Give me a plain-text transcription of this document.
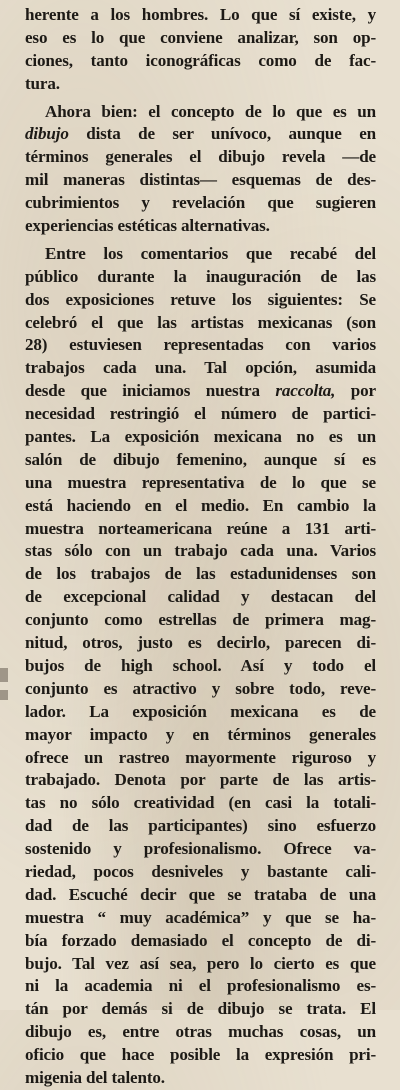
herente a los hombres. Lo que sí existe, y
eso es lo que conviene analizar, son op-
ciones, tanto iconográficas como de fac-
tura.
Ahora bien: el concepto de lo que es un
dibujo dista de ser unívoco, aunque en
términos generales el dibujo revela —de
mil maneras distintas— esquemas de des-
cubrimientos y revelación que sugieren
experiencias estéticas alternativas.
Entre los comentarios que recabé del
público durante la inauguración de las
dos exposiciones retuve los siguientes: Se
celebró el que las artistas mexicanas (son
28) estuviesen representadas con varios
trabajos cada una. Tal opción, asumida
desde que iniciamos nuestra raccolta, por
necesidad restringió el número de partici-
pantes. La exposición mexicana no es un
salón de dibujo femenino, aunque sí es
una muestra representativa de lo que se
está haciendo en el medio. En cambio la
muestra norteamericana reúne a 131 arti-
stas sólo con un trabajo cada una. Varios
de los trabajos de las estadunidenses son
de excepcional calidad y destacan del
conjunto como estrellas de primera mag-
nitud, otros, justo es decirlo, parecen di-
bujos de high school. Así y todo el
conjunto es atractivo y sobre todo, reve-
lador. La exposición mexicana es de
mayor impacto y en términos generales
ofrece un rastreo mayormente riguroso y
trabajado. Denota por parte de las artis-
tas no sólo creatividad (en casi la totali-
dad de las participantes) sino esfuerzo
sostenido y profesionalismo. Ofrece va-
riedad, pocos desniveles y bastante cali-
dad. Escuché decir que se trataba de una
muestra “ muy académica” y que se ha-
bía forzado demasiado el concepto de di-
bujo. Tal vez así sea, pero lo cierto es que
ni la academia ni el profesionalismo es-
tán por demás si de dibujo se trata. El
dibujo es, entre otras muchas cosas, un
oficio que hace posible la expresión pri-
migenia del talento.
